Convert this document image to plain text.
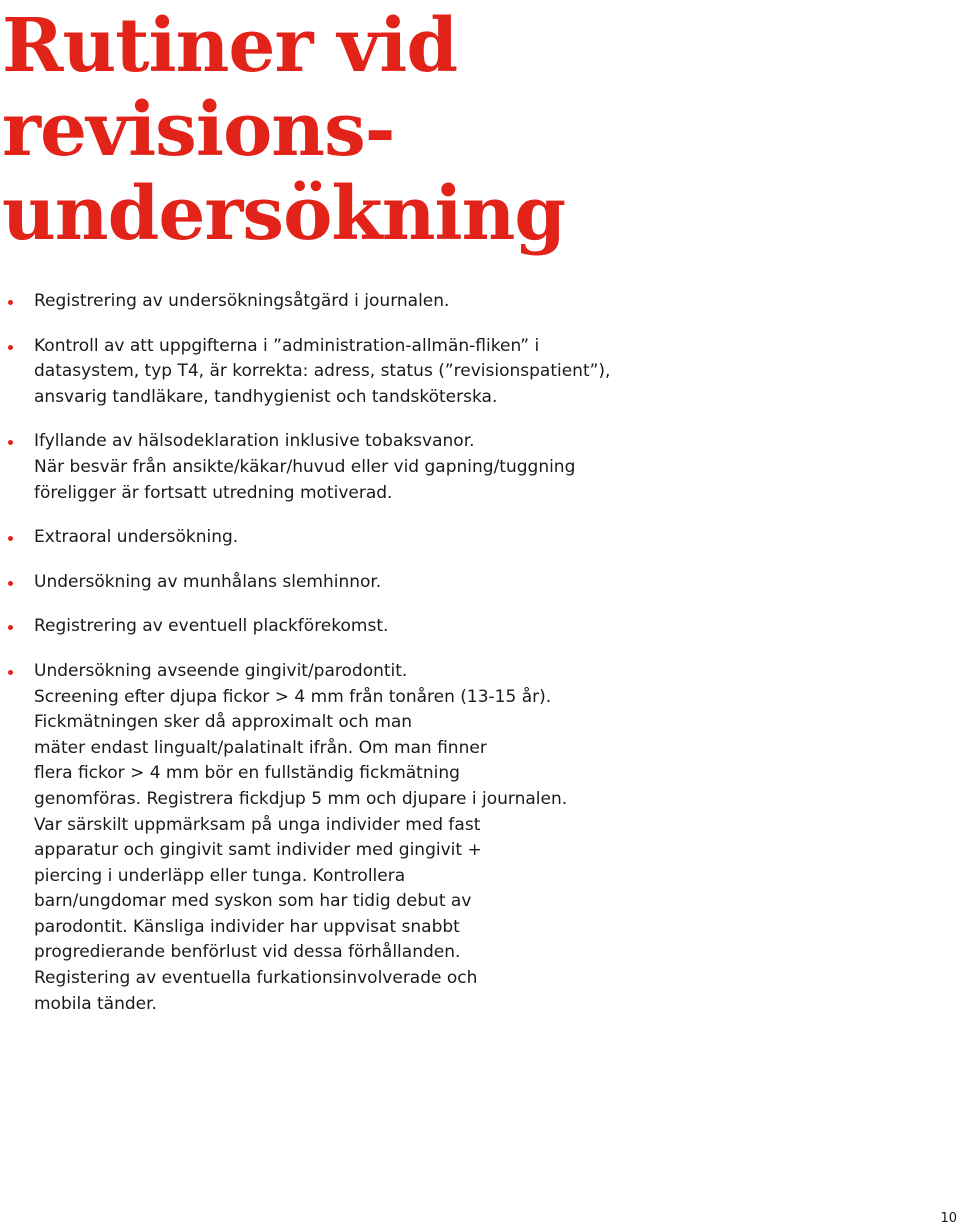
Rutiner vid
revisions-
undersökning
Registrering av undersökningsåtgärd i journalen.
Kontroll av att uppgifterna i ”administration-allmän-fliken” i
datasystem, typ T4, är korrekta: adress, status (”revisionspatient”),
ansvarig tandläkare, tandhygienist och tandsköterska.
Ifyllande av hälsodeklaration inklusive tobaksvanor.
När besvär från ansikte/käkar/huvud eller vid gapning/tuggning
föreligger är fortsatt utredning motiverad.
Extraoral undersökning.
Undersökning av munhålans slemhinnor.
Registrering av eventuell plackförekomst.
Undersökning avseende gingivit/parodontit.
Screening efter djupa fickor > 4 mm från tonåren (13-15 år).
Fickmätningen sker då approximalt och man
mäter endast lingualt/palatinalt ifrån. Om man finner
flera fickor > 4 mm bör en fullständig fickmätning
genomföras. Registrera fickdjup 5 mm och djupare i journalen.
Var särskilt uppmärksam på unga individer med fast
apparatur och gingivit samt individer med gingivit +
piercing i underläpp eller tunga. Kontrollera
barn/ungdomar med syskon som har tidig debut av
parodontit. Känsliga individer har uppvisat snabbt
progredierande benförlust vid dessa förhållanden.
Registering av eventuella furkationsinvolverade och
mobila tänder.
10
